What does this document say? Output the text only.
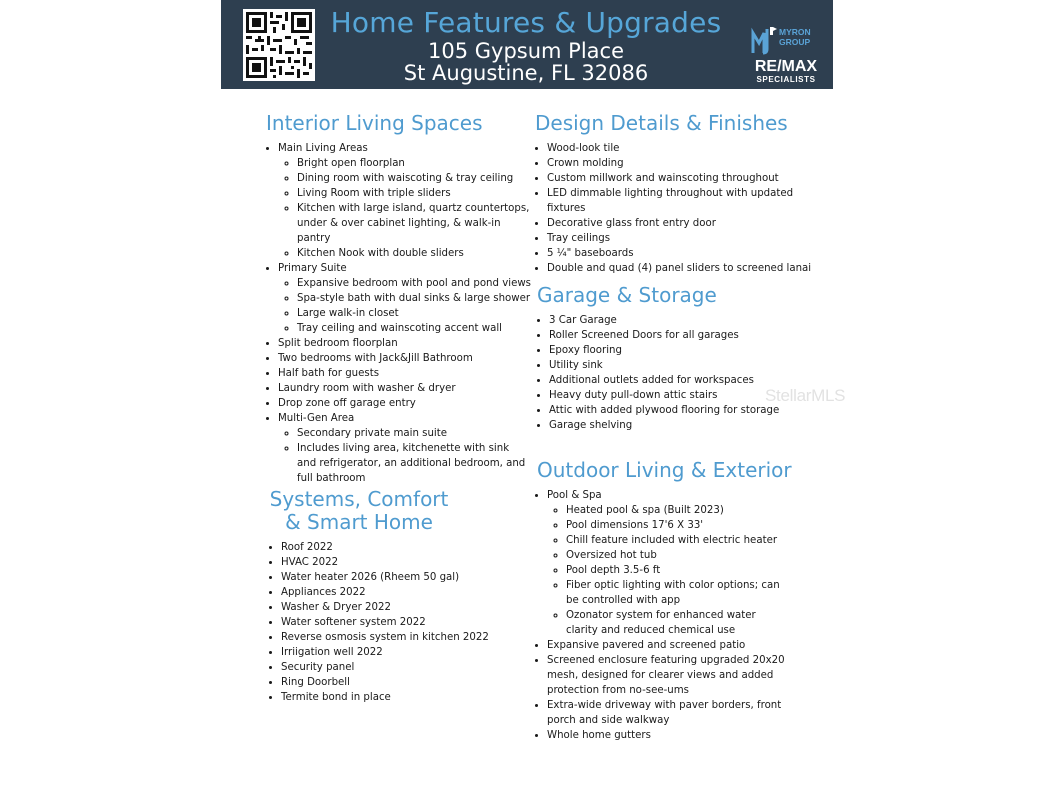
Home Features & Upgrades
105 Gypsum Place
St Augustine, FL 32086
MYRON
GROUP
RE/MAX
SPECIALISTS
Interior Living Spaces
• Main Living Areas
◦ Bright open floorplan
◦ Dining room with waiscoting & tray ceiling
◦ Living Room with triple sliders
◦ Kitchen with large island, quartz countertops, under & over cabinet lighting, & walk-in pantry
◦ Kitchen Nook with double sliders
• Primary Suite
◦ Expansive bedroom with pool and pond views
◦ Spa-style bath with dual sinks & large shower
◦ Large walk-in closet
◦ Tray ceiling and wainscoting accent wall
• Split bedroom floorplan
• Two bedrooms with Jack&Jill Bathroom
• Half bath for guests
• Laundry room with washer & dryer
• Drop zone off garage entry
• Multi-Gen Area
◦ Secondary private main suite
◦ Includes living area, kitchenette with sink and refrigerator, an additional bedroom, and full bathroom
Systems, Comfort
& Smart Home
• Roof 2022
• HVAC 2022
• Water heater 2026 (Rheem 50 gal)
• Appliances 2022
• Washer & Dryer 2022
• Water softener system 2022
• Reverse osmosis system in kitchen 2022
• Irriigation well 2022
• Security panel
• Ring Doorbell
• Termite bond in place
Design Details & Finishes
• Wood-look tile
• Crown molding
• Custom millwork and wainscoting throughout
• LED dimmable lighting throughout with updated fixtures
• Decorative glass front entry door
• Tray ceilings
• 5 ¼" baseboards
• Double and quad (4) panel sliders to screened lanai
Garage & Storage
• 3 Car Garage
• Roller Screened Doors for all garages
• Epoxy flooring
• Utility sink
• Additional outlets added for workspaces
• Heavy duty pull-down attic stairs
• Attic with added plywood flooring for storage
• Garage shelving
Outdoor Living & Exterior
• Pool & Spa
◦ Heated pool & spa (Built 2023)
◦ Pool dimensions 17'6 X 33'
◦ Chill feature included with electric heater
◦ Oversized hot tub
◦ Pool depth 3.5-6 ft
◦ Fiber optic lighting with color options; can be controlled with app
◦ Ozonator system for enhanced water clarity and reduced chemical use
• Expansive pavered and screened patio
• Screened enclosure featuring upgraded 20x20 mesh, designed for clearer views and added protection from no-see-ums
• Extra-wide driveway with paver borders, front porch and side walkway
• Whole home gutters
StellarMLS
